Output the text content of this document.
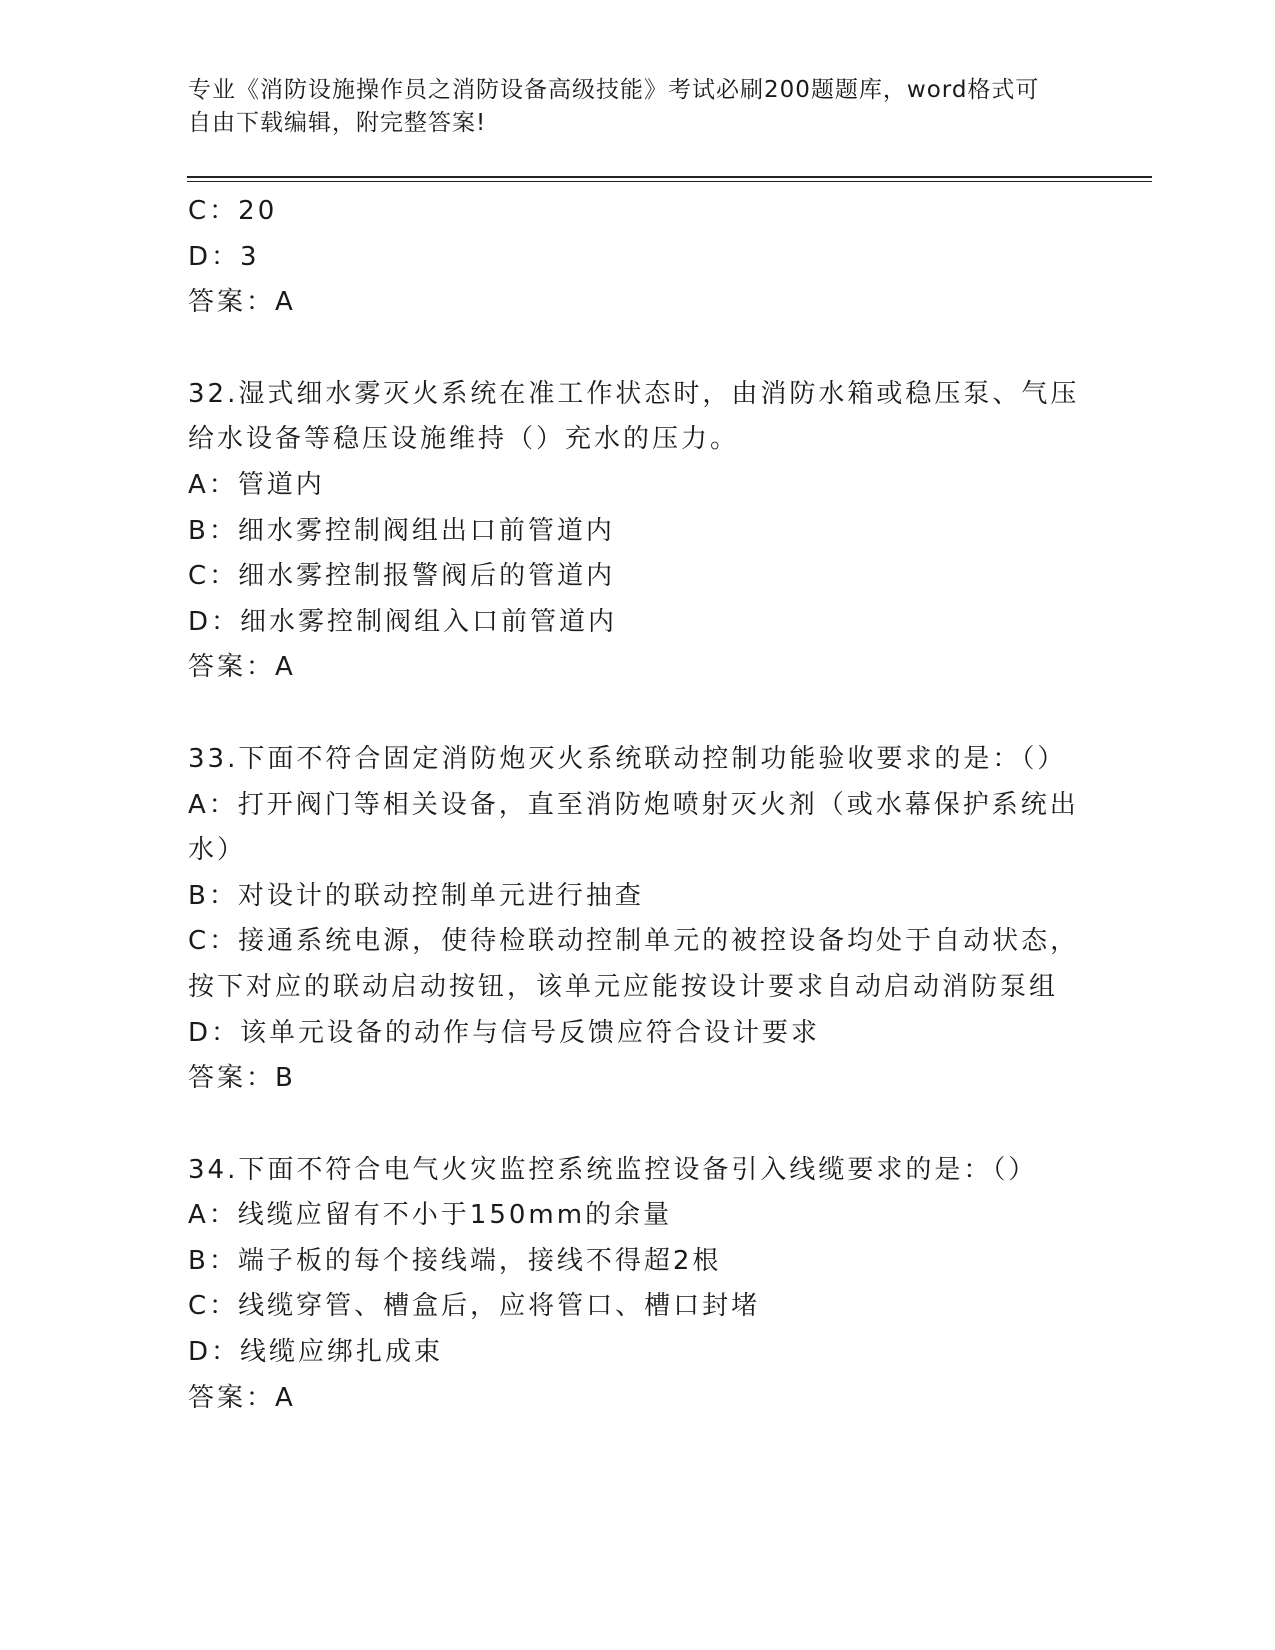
专业《消防设施操作员之消防设备高级技能》考试必刷200题题库，word格式可
自由下载编辑，附完整答案!
C：20
D：3
答案：A
32.湿式细水雾灭火系统在准工作状态时，由消防水箱或稳压泵、气压
给水设备等稳压设施维持（）充水的压力。
A：管道内
B：细水雾控制阀组出口前管道内
C：细水雾控制报警阀后的管道内
D：细水雾控制阀组入口前管道内
答案：A
33.下面不符合固定消防炮灭火系统联动控制功能验收要求的是：（）
A：打开阀门等相关设备，直至消防炮喷射灭火剂（或水幕保护系统出
水）
B：对设计的联动控制单元进行抽查
C：接通系统电源，使待检联动控制单元的被控设备均处于自动状态，
按下对应的联动启动按钮，该单元应能按设计要求自动启动消防泵组
D：该单元设备的动作与信号反馈应符合设计要求
答案：B
34.下面不符合电气火灾监控系统监控设备引入线缆要求的是：（）
A：线缆应留有不小于150mm的余量
B：端子板的每个接线端，接线不得超2根
C：线缆穿管、槽盒后，应将管口、槽口封堵
D：线缆应绑扎成束
答案：A
